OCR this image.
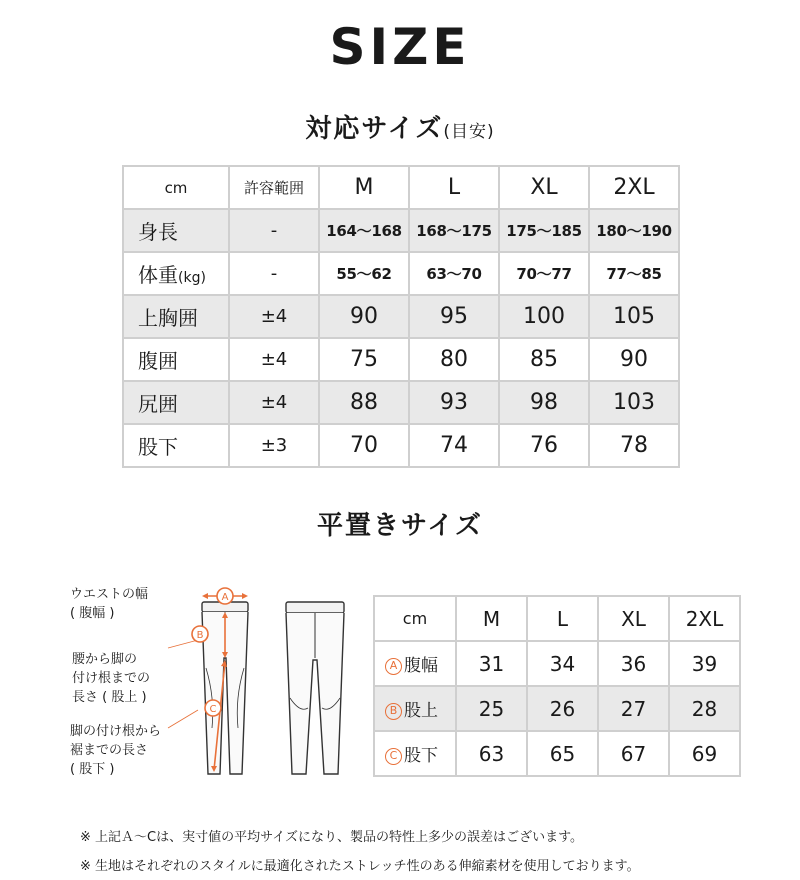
SIZE
対応サイズ(目安)
cm	許容範囲	M	L	XL	2XL
身長	-	164～168	168～175	175～185	180～190
体重(kg)	-	55～62	63～70	70～77	77～85
上胸囲	±4	90	95	100	105
腹囲	±4	75	80	85	90
尻囲	±4	88	93	98	103
股下	±3	70	74	76	78
平置きサイズ
ウエストの幅
( 腹幅 )
腰から脚の
付け根までの
長さ ( 股上 )
脚の付け根から
裾までの長さ
( 股下 )
A
B
C
cm	M	L	XL	2XL
A 腹幅	31	34	36	39
B 股上	25	26	27	28
C 股下	63	65	67	69
※ 上記Ａ～Cは、実寸値の平均サイズになり、製品の特性上多少の誤差はございます。
※ 生地はそれぞれのスタイルに最適化されたストレッチ性のある伸縮素材を使用しております。
